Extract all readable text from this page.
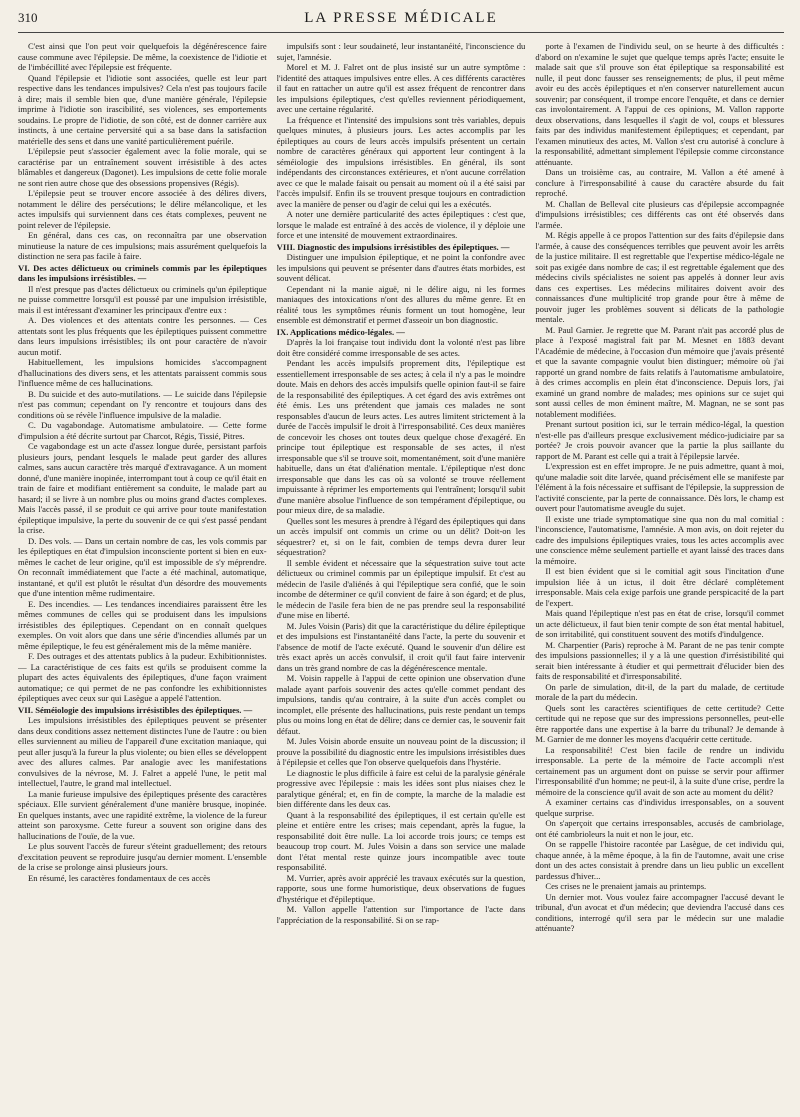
310	LA PRESSE MÉDICALE

C'est ainsi que l'on peut voir quelquefois la dégénérescence faire cause commune avec l'épilepsie. De même, la coexistence de l'idiotie et de l'imbécillité avec l'épilepsie est fréquente.

Quand l'épilepsie et l'idiotie sont associées, quelle est leur part respective dans les tendances impulsives? Cela n'est pas toujours facile à dire; mais il semble bien que, d'une manière générale, l'épilepsie imprime à l'idiotie son irascibilité, ses violences, ses emportements soudains. Le propre de l'idiotie, de son côté, est de donner carrière aux instincts, à une certaine perversité qui a sa base dans la satisfaction matérielle des sens et dans une vanité particulièrement puérile.

L'épilepsie peut s'associer également avec la folie morale, qui se caractérise par un entraînement souvent irrésistible à des actes blâmables et dangereux (Dagonet). Les impulsions de cette folie morale ne sont rien autre chose que des obsessions propensives (Régis).

L'épilepsie peut se trouver encore associée à des délires divers, notamment le délire des persécutions; le délire mélancolique, et les actes impulsifs qui surviennent dans ces états complexes, peuvent ne point relever de l'épilepsie.

En général, dans ces cas, on reconnaîtra par une observation minutieuse la nature de ces impulsions; mais assurément quelquefois la distinction ne sera pas facile à faire.

VI. Des actes délictueux ou criminels commis par les épileptiques dans les impulsions irrésistibles. —

Il n'est presque pas d'actes délictueux ou criminels qu'un épileptique ne puisse commettre lorsqu'il est poussé par une impulsion irrésistible, mais il est intéressant d'examiner les principaux d'entre eux :

A. Des violences et des attentats contre les personnes. — Ces attentats sont les plus fréquents que les épileptiques puissent commettre dans leurs impulsions irrésistibles; ils ont pour caractère de n'avoir aucun motif.

Habituellement, les impulsions homicides s'accompagnent d'hallucinations des divers sens, et les attentats paraissent commis sous l'influence même de ces hallucinations.

B. Du suicide et des auto-mutilations. — Le suicide dans l'épilepsie n'est pas commun; cependant on l'y rencontre et toujours dans des conditions où se révèle l'influence impulsive de la maladie.

C. Du vagabondage. Automatisme ambulatoire. — Cette forme d'impulsion a été décrite surtout par Charcot, Régis, Tissié, Pitres.

Ce vagabondage est un acte d'assez longue durée, persistant parfois plusieurs jours, pendant lesquels le malade peut garder des allures calmes, sans aucun caractère très marqué d'extravagance. A un moment donné, d'une manière inopinée, interrompant tout à coup ce qu'il était en train de faire et modifiant entièrement sa conduite, le malade part au hasard; il se livre à un nombre plus ou moins grand d'actes complexes. Mais l'accès passé, il se produit ce qui arrive pour toute manifestation épileptique impulsive, la perte du souvenir de ce qui s'est passé pendant la crise.

D. Des vols. — Dans un certain nombre de cas, les vols commis par les épileptiques en état d'impulsion inconsciente portent si bien en eux-mêmes le cachet de leur origine, qu'il est impossible de s'y méprendre. On reconnaît immédiatement que l'acte a été machinal, automatique, instantané, et qu'il est plutôt le résultat d'un désordre des mouvements que d'une intention même rudimentaire.

E. Des incendies. — Les tendances incendiaires paraissent être les mêmes communes de celles qui se produisent dans les impulsions irrésistibles des épileptiques. Cependant on en connaît quelques exemples. On voit alors que dans une série d'incendies allumés par un même épileptique, le feu est généralement mis de la même manière.

F. Des outrages et des attentats publics à la pudeur. Exhibitionnistes. — La caractéristique de ces faits est qu'ils se produisent comme la plupart des actes équivalents des épileptiques, d'une façon vraiment automatique; ce qui permet de ne pas confondre les exhibitionnistes épileptiques avec ceux sur qui Lasègue a appelé l'attention.

VII. Séméiologie des impulsions irrésistibles des épileptiques. —

Les impulsions irrésistibles des épileptiques peuvent se présenter dans deux conditions assez nettement distinctes l'une de l'autre : ou bien elles surviennent au milieu de l'appareil d'une excitation maniaque, qui peut aller jusqu'à la fureur la plus violente; ou bien elles se développent avec des allures calmes. Par analogie avec les manifestations convulsives de la névrose, M. J. Falret a appelé l'une, le petit mal intellectuel, l'autre, le grand mal intellectuel.

La manie furieuse impulsive des épileptiques présente des caractères spéciaux. Elle survient généralement d'une manière brusque, inopinée. En quelques instants, avec une rapidité extrême, la violence de la fureur atteint son paroxysme. Cette fureur a souvent son origine dans des hallucinations de l'ouïe, de la vue.

Le plus souvent l'accès de fureur s'éteint graduellement; des retours d'excitation peuvent se reproduire jusqu'au dernier moment. L'ensemble de la crise se prolonge ainsi plusieurs jours.

En résumé, les caractères fondamentaux de ces accès

impulsifs sont : leur soudaineté, leur instantanéité, l'inconscience du sujet, l'amnésie.

Morel et M. J. Falret ont de plus insisté sur un autre symptôme : l'identité des attaques impulsives entre elles. A ces différents caractères il faut en rattacher un autre qu'il est assez fréquent de rencontrer dans les impulsions épileptiques, c'est qu'elles reviennent périodiquement, avec une certaine régularité.

La fréquence et l'intensité des impulsions sont très variables, depuis quelques minutes, à plusieurs jours. Les actes accomplis par les épileptiques au cours de leurs accès impulsifs présentent un certain nombre de caractères généraux qui apportent leur contingent à la séméiologie des impulsions irrésistibles. En général, ils sont indépendants des circonstances extérieures, et n'ont aucune corrélation avec ce que le malade faisait ou pensait au moment où il a été saisi par l'accès impulsif. Enfin ils se trouvent presque toujours en contradiction avec la manière de penser ou d'agir de celui qui les a exécutés.

A noter une dernière particularité des actes épileptiques : c'est que, lorsque le malade est entraîné à des accès de violence, il y déploie une force et une intensité de mouvement extraordinaires.

VIII. Diagnostic des impulsions irrésistibles des épileptiques. —

Distinguer une impulsion épileptique, et ne point la confondre avec les impulsions qui peuvent se présenter dans d'autres états morbides, est souvent délicat.

Cependant ni la manie aiguë, ni le délire aigu, ni les formes maniaques des intoxications n'ont des allures du même genre. Et en réalité tous les symptômes réunis forment un tout homogène, leur ensemble est démonstratif et permet d'asseoir un bon diagnostic.

IX. Applications médico-légales. —

D'après la loi française tout individu dont la volonté n'est pas libre doit être considéré comme irresponsable de ses actes.

Pendant les accès impulsifs proprement dits, l'épileptique est essentiellement irresponsable de ses actes; à cela il n'y a pas le moindre doute. Mais en dehors des accès impulsifs quelle opinion faut-il se faire de la responsabilité des épileptiques. A cet égard des avis extrêmes ont été émis. Les uns prétendent que jamais ces malades ne sont responsables d'aucun de leurs actes. Les autres limitent strictement à la durée de l'accès impulsif le droit à l'irresponsabilité. Ces deux manières de concevoir les choses ont toutes deux quelque chose d'exagéré. En principe tout épileptique est responsable de ses actes, il n'est irresponsable que s'il se trouve soit, momentanément, soit d'une manière habituelle, dans un état d'aliénation mentale. L'épileptique n'est donc irresponsable que dans les cas où sa volonté se trouve réellement impuissante à réprimer les emportements qui l'entraînent; lorsqu'il subit d'une manière absolue l'influence de son tempérament d'épileptique, ou pour mieux dire, de sa maladie.

Quelles sont les mesures à prendre à l'égard des épileptiques qui dans un accès impulsif ont commis un crime ou un délit? Doit-on les séquestrer? et, si on le fait, combien de temps devra durer leur séquestration?

Il semble évident et nécessaire que la séquestration suive tout acte délictueux ou criminel commis par un épileptique impulsif. Et c'est au médecin de l'asile d'aliénés à qui l'épileptique sera confié, que le soin incombe de déterminer ce qu'il convient de faire à son égard; et de plus, le médecin de l'asile fera bien de ne pas prendre seul la responsabilité d'une mise en liberté.

M. Jules Voisin (Paris) dit que la caractéristique du délire épileptique et des impulsions est l'instantanéité dans l'acte, la perte du souvenir et l'absence de motif de l'acte exécuté. Quand le souvenir d'un délire est très exact après un accès convulsif, il croit qu'il faut faire intervenir dans un très grand nombre de cas la dégénérescence mentale.

M. Voisin rappelle à l'appui de cette opinion une observation d'une malade ayant parfois souvenir des actes qu'elle commet pendant des impulsions, tandis qu'au contraire, à la suite d'un accès complet ou incomplet, elle présente des hallucinations, puis reste pendant un temps plus ou moins long en état de délire; dans ce dernier cas, le souvenir fait défaut.

M. Jules Voisin aborde ensuite un nouveau point de la discussion; il prouve la possibilité du diagnostic entre les impulsions irrésistibles dues à l'épilepsie et celles que l'on observe quelquefois dans l'hystérie.

Le diagnostic le plus difficile à faire est celui de la paralysie générale progressive avec l'épilepsie : mais les idées sont plus niaises chez le paralytique général; et, en fin de compte, la marche de la maladie est bien différente dans les deux cas.

Quant à la responsabilité des épileptiques, il est certain qu'elle est pleine et entière entre les crises; mais cependant, après la fugue, la responsabilité doit être nulle. La loi accorde trois jours; ce temps est beaucoup trop court. M. Jules Voisin a dans son service une malade dont l'état mental reste quinze jours incompatible avec toute responsabilité.

M. Vurrier, après avoir apprécié les travaux exécutés sur la question, rapporte, sous une forme humoristique, deux observations de fugues d'hystérique et d'épileptique.

M. Vallon appelle l'attention sur l'importance de l'acte dans l'appréciation de la responsabilité. Si on se rap-

porte à l'examen de l'individu seul, on se heurte à des difficultés : d'abord on n'examine le sujet que quelque temps après l'acte; ensuite le malade sait que s'il prouve son état épileptique sa responsabilité est nulle, il peut donc fausser ses renseignements; de plus, il peut même avoir eu des accès épileptiques et n'en conserver naturellement aucun souvenir; par conséquent, il trompe encore l'enquête, et dans ce dernier cas involontairement. A l'appui de ces opinions, M. Vallon rapporte deux observations, dans lesquelles il s'agit de vol, coups et blessures faits par des individus manifestement épileptiques; et cependant, par l'examen minutieux des actes, M. Vallon s'est cru autorisé à conclure à la responsabilité, admettant simplement l'épilepsie comme circonstance atténuante.

Dans un troisième cas, au contraire, M. Vallon a été amené à conclure à l'irresponsabilité à cause du caractère absurde du fait reproché.

M. Challan de Belleval cite plusieurs cas d'épilepsie accompagnée d'impulsions irrésistibles; ces différents cas ont été observés dans l'armée.

M. Régis appelle à ce propos l'attention sur des faits d'épilepsie dans l'armée, à cause des conséquences terribles que peuvent avoir les arrêts de la justice militaire. Il est regrettable que l'expertise médico-légale ne soit pas exigée dans nombre de cas; il est regrettable également que des médecins civils spécialistes ne soient pas appelés à donner leur avis dans ces expertises. Les médecins militaires doivent avoir des connaissances d'une multiplicité trop grande pour être à même de pouvoir juger les problèmes souvent si délicats de la pathologie mentale.

M. Paul Garnier. Je regrette que M. Parant n'ait pas accordé plus de place à l'exposé magistral fait par M. Mesnet en 1883 devant l'Académie de médecine, à l'occasion d'un mémoire que j'avais présenté et que la savante compagnie voulut bien distinguer; mémoire où j'ai rapporté un grand nombre de faits relatifs à l'automatisme ambulatoire, à des crimes accomplis en plein état d'inconscience. Depuis lors, j'ai examiné un grand nombre de malades; mes opinions sur ce sujet qui sont aussi celles de mon éminent maître, M. Magnan, ne se sont pas notablement modifiées.

Prenant surtout position ici, sur le terrain médico-légal, la question n'est-elle pas d'ailleurs presque exclusivement médico-judiciaire par sa portée? Je crois pouvoir avancer que la partie la plus saillante du rapport de M. Parant est celle qui a trait à l'épilepsie larvée.

L'expression est en effet impropre. Je ne puis admettre, quant à moi, qu'une maladie soit dite larvée, quand précisément elle se manifeste par l'élément à la fois nécessaire et suffisant de l'épilepsie, la suppression de l'activité consciente, par la perte de connaissance. Dès lors, le champ est ouvert pour l'automatisme aveugle du sujet.

Il existe une triade symptomatique sine qua non du mal comitial : l'inconscience, l'automatisme, l'amnésie. A mon avis, on doit rejeter du cadre des impulsions épileptiques vraies, tous les actes accomplis avec une conscience même seulement partielle et ayant laissé des traces dans la mémoire.

Il est bien évident que si le comitial agit sous l'incitation d'une impulsion liée à un ictus, il doit être déclaré complètement irresponsable. Mais cela exige parfois une grande perspicacité de la part de l'expert.

Mais quand l'épileptique n'est pas en état de crise, lorsqu'il commet un acte délictueux, il faut bien tenir compte de son état mental habituel, de son irritabilité, qui constituent souvent des motifs d'indulgence.

M. Charpentier (Paris) reproche à M. Parant de ne pas tenir compte des impulsions passionnelles; il y a là une question d'irrésistibilité qui serait bien intéressante à étudier et qui permettrait d'élucider bien des faits de responsabilité et d'irresponsabilité.

On parle de simulation, dit-il, de la part du malade, de certitude morale de la part du médecin.

Quels sont les caractères scientifiques de cette certitude? Cette certitude qui ne repose que sur des impressions personnelles, peut-elle être rapportée dans une expertise à la barre du tribunal? Je demande à M. Garnier de me donner les moyens d'acquérir cette certitude.

La responsabilité! C'est bien facile de rendre un individu irresponsable. La perte de la mémoire de l'acte accompli n'est certainement pas un argument dont on puisse se servir pour affirmer l'irresponsabilité d'un homme; ne peut-il, à la suite d'une crise, perdre la mémoire de la conscience qu'il avait de son acte au moment du délit?

A examiner certains cas d'individus irresponsables, on a souvent quelque surprise.

On s'aperçoit que certains irresponsables, accusés de cambriolage, ont été cambrioleurs la nuit et non le jour, etc.

On se rappelle l'histoire racontée par Lasègue, de cet individu qui, chaque année, à la même époque, à la fin de l'automne, avait une crise dont un des actes consistait à prendre dans un lieu public un excellent pardessus d'hiver...

Ces crises ne le prenaient jamais au printemps.

Un dernier mot. Vous voulez faire accompagner l'accusé devant le tribunal, d'un avocat et d'un médecin; que deviendra l'accusé dans ces conditions, interrogé qu'il sera par le médecin sur une maladie atténuante?
